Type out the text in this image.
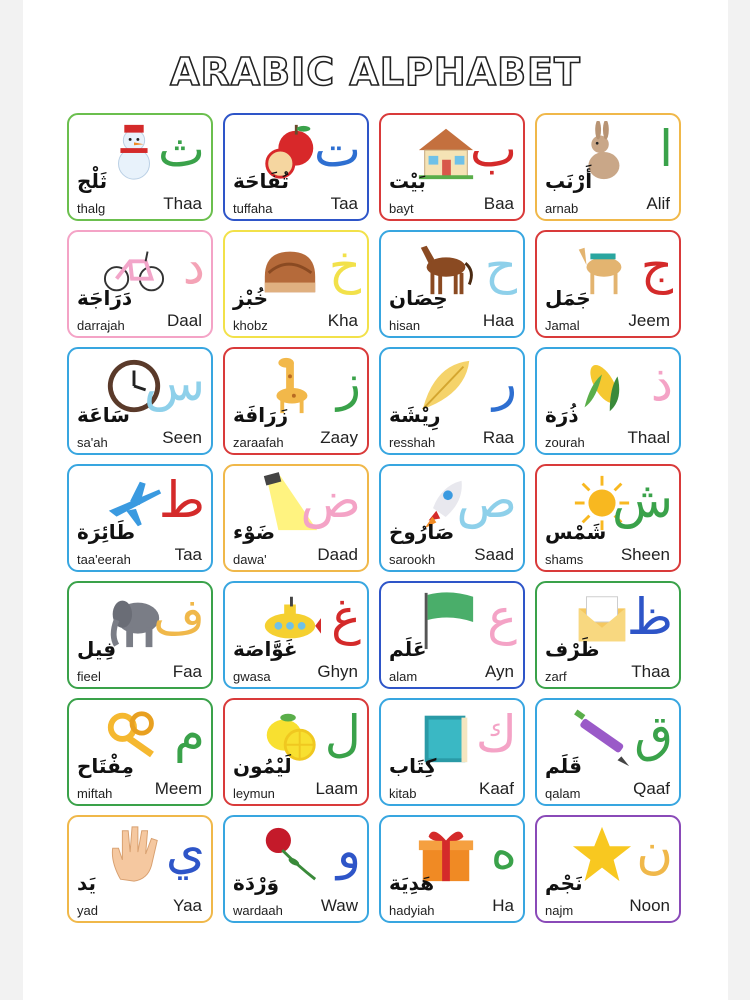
ARABIC ALPHABET
ث
ثَلْج
thalg	Thaa
ت
تُفَاحَة
tuffaha	Taa
ب
بَيْت
bayt	Baa
ا
أَرْنَب
arnab	Alif
د
دَرَاجَة
darrajah Daal
خ
خُبْز
khobz	Kha
ح
حِصَان
hisan	Haa
ج
جَمَل
Jamal	Jeem
س
سَاعَة
sa'ah	Seen
ز
زَرَافَة
zaraafah Zaay
ر
رِيْشَة
resshah	Raa
ذ
ذُرَة
zourah	Thaal
ط
طَائِرَة
taa'eerah	Taa
ض
ضَوْء
dawa'	Daad
ص
صَارُوخ
sarookh Saad
ش
شَمْس
shams Sheen
ف
فِيل
fieel	Faa
غ
غَوَّاصَة
gwasa	Ghyn
ع
عَلَم
alam	Ayn
ظ
ظَرْف
zarf	Thaa
م
مِفْتَاح
miftah Meem
ل
لَيْمُون
leymun Laam
ك
كِتَاب
kitab	Kaaf
ق
قَلَم
qalam	Qaaf
ي
يَد
yad	Yaa
و
وَرْدَة
wardaah Waw
ه
هَدِيَة
hadyiah	Ha
ن
نَجْم
najm	Noon
